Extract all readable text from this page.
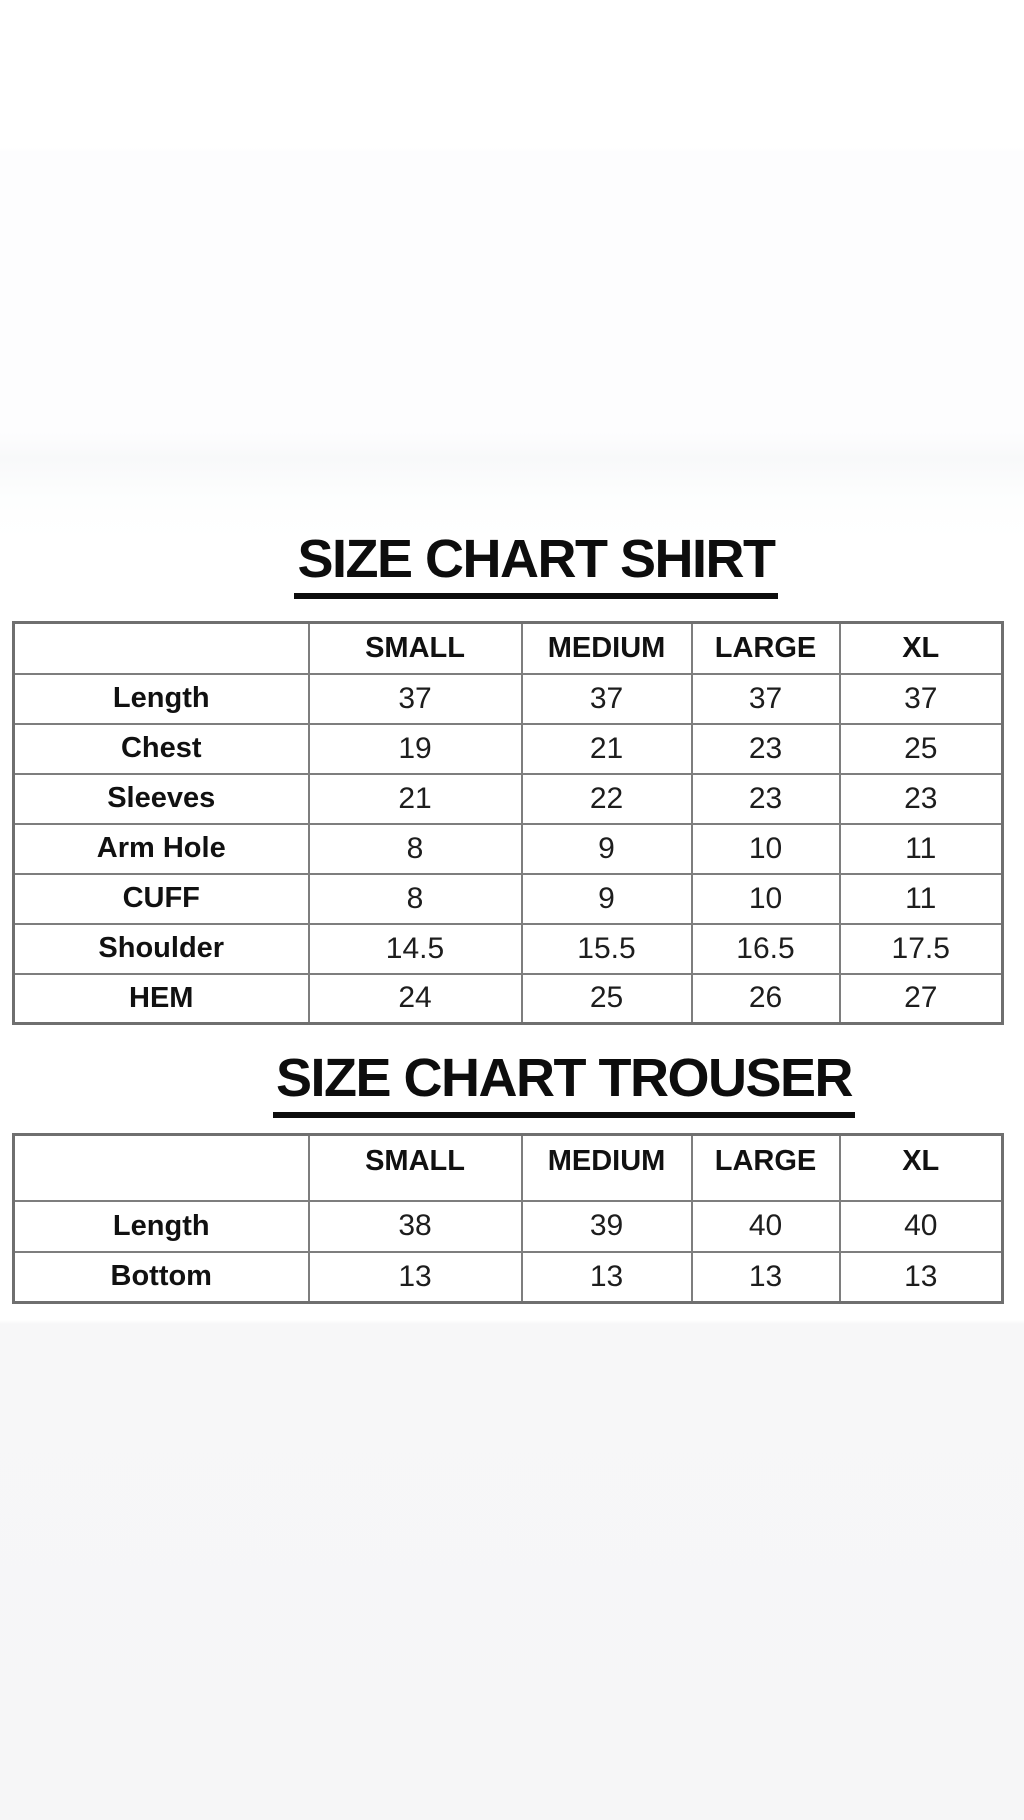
SIZE CHART SHIRT
	SMALL	MEDIUM	LARGE	XL
Length	37	37	37	37
Chest	19	21	23	25
Sleeves	21	22	23	23
Arm Hole	8	9	10	11
CUFF	8	9	10	11
Shoulder	14.5	15.5	16.5	17.5
HEM	24	25	26	27
SIZE CHART TROUSER
	SMALL	MEDIUM	LARGE	XL
Length	38	39	40	40
Bottom	13	13	13	13
